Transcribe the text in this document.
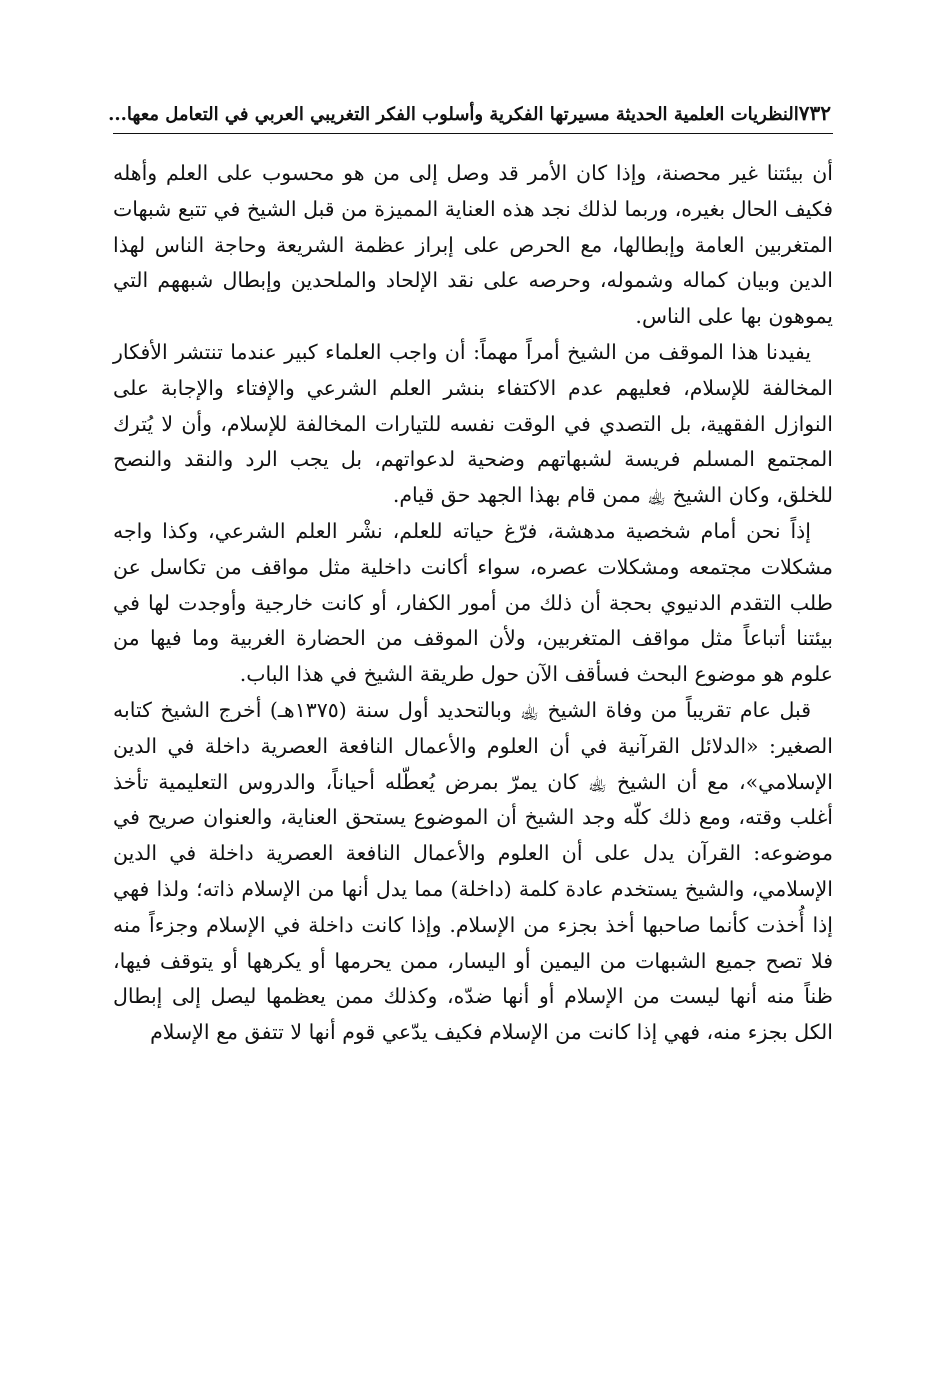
٧٣٢
النظريات العلمية الحديثة مسيرتها الفكرية وأسلوب الفكر التغريبي العربي في التعامل معها...

أن بيئتنا غير محصنة، وإذا كان الأمر قد وصل إلى من هو محسوب على العلم وأهله فكيف الحال بغيره، وربما لذلك نجد هذه العناية المميزة من قبل الشيخ في تتبع شبهات المتغربين العامة وإبطالها، مع الحرص على إبراز عظمة الشريعة وحاجة الناس لهذا الدين وبيان كماله وشموله، وحرصه على نقد الإلحاد والملحدين وإبطال شبههم التي يموهون بها على الناس.

يفيدنا هذا الموقف من الشيخ أمراً مهماً: أن واجب العلماء كبير عندما تنتشر الأفكار المخالفة للإسلام، فعليهم عدم الاكتفاء بنشر العلم الشرعي والإفتاء والإجابة على النوازل الفقهية، بل التصدي في الوقت نفسه للتيارات المخالفة للإسلام، وأن لا يُترك المجتمع المسلم فريسة لشبهاتهم وضحية لدعواتهم، بل يجب الرد والنقد والنصح للخلق، وكان الشيخ ﵀ ممن قام بهذا الجهد حق قيام.

إذاً نحن أمام شخصية مدهشة، فرّغ حياته للعلم، نشْر العلم الشرعي، وكذا واجه مشكلات مجتمعه ومشكلات عصره، سواء أكانت داخلية مثل مواقف من تكاسل عن طلب التقدم الدنيوي بحجة أن ذلك من أمور الكفار، أو كانت خارجية وأوجدت لها في بيئتنا أتباعاً مثل مواقف المتغربين، ولأن الموقف من الحضارة الغربية وما فيها من علوم هو موضوع البحث فسأقف الآن حول طريقة الشيخ في هذا الباب.

قبل عام تقريباً من وفاة الشيخ ﵀ وبالتحديد أول سنة (١٣٧٥هـ) أخرج الشيخ كتابه الصغير: «الدلائل القرآنية في أن العلوم والأعمال النافعة العصرية داخلة في الدين الإسلامي»، مع أن الشيخ ﵀ كان يمرّ بمرض يُعطّله أحياناً، والدروس التعليمية تأخذ أغلب وقته، ومع ذلك كلّه وجد الشيخ أن الموضوع يستحق العناية، والعنوان صريح في موضوعه: القرآن يدل على أن العلوم والأعمال النافعة العصرية داخلة في الدين الإسلامي، والشيخ يستخدم عادة كلمة (داخلة) مما يدل أنها من الإسلام ذاته؛ ولذا فهي إذا أُخذت كأنما صاحبها أخذ بجزء من الإسلام. وإذا كانت داخلة في الإسلام وجزءاً منه فلا تصح جميع الشبهات من اليمين أو اليسار، ممن يحرمها أو يكرهها أو يتوقف فيها، ظناً منه أنها ليست من الإسلام أو أنها ضدّه، وكذلك ممن يعظمها ليصل إلى إبطال الكل بجزء منه، فهي إذا كانت من الإسلام فكيف يدّعي قوم أنها لا تتفق مع الإسلام
